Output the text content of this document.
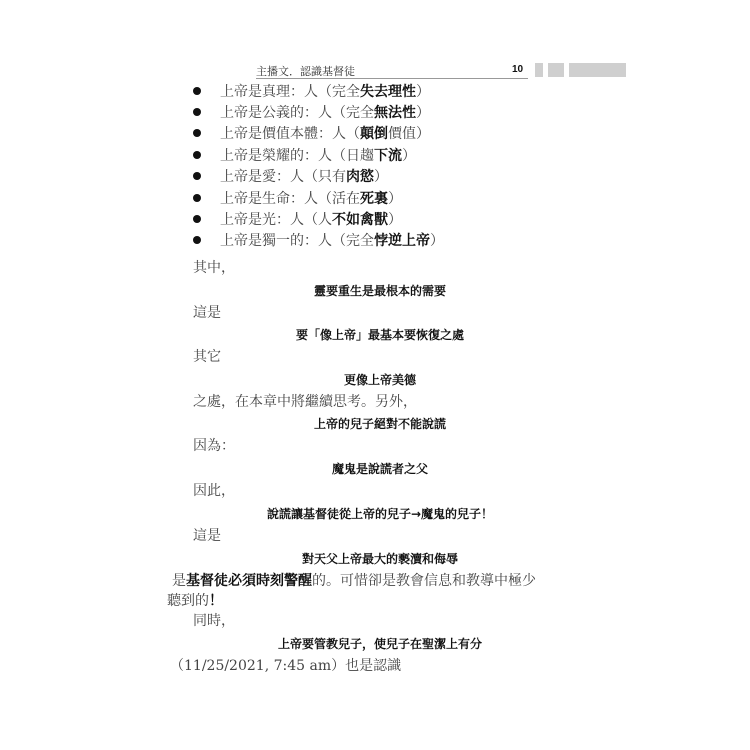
主播文．認識基督徒	10
上帝是真理：人（完全 失去理性 ）
上帝是公義的：人（完全 無法性 ）
上帝是價值本體：人（ 顛倒 價值）
上帝是榮耀的：人（日趨 下流 ）
上帝是愛：人（只有 肉慾 ）
上帝是生命：人（活在 死裏 ）
上帝是光：人（人 不如禽獸 ）
上帝是獨一的：人（完全 悖逆上帝 ）
其中，
靈要重生是最根本的需要
這是
要「像上帝」最基本要恢復之處
其它
更像上帝美德
之處，在本章中將繼續思考。另外，
上帝的兒子絕對不能說謊
因為：
魔鬼是說謊者之父
因此，
說謊讓基督徒從上帝的兒子→魔鬼的兒子！
這是
對天父上帝最大的褻瀆和侮辱
是基督徒必須時刻警醒的。可惜卻是教會信息和教導中極少
聽到的！
同時，
上帝要管教兒子，使兒子在聖潔上有分
（11/25/2021, 7:45 am）也是認識
